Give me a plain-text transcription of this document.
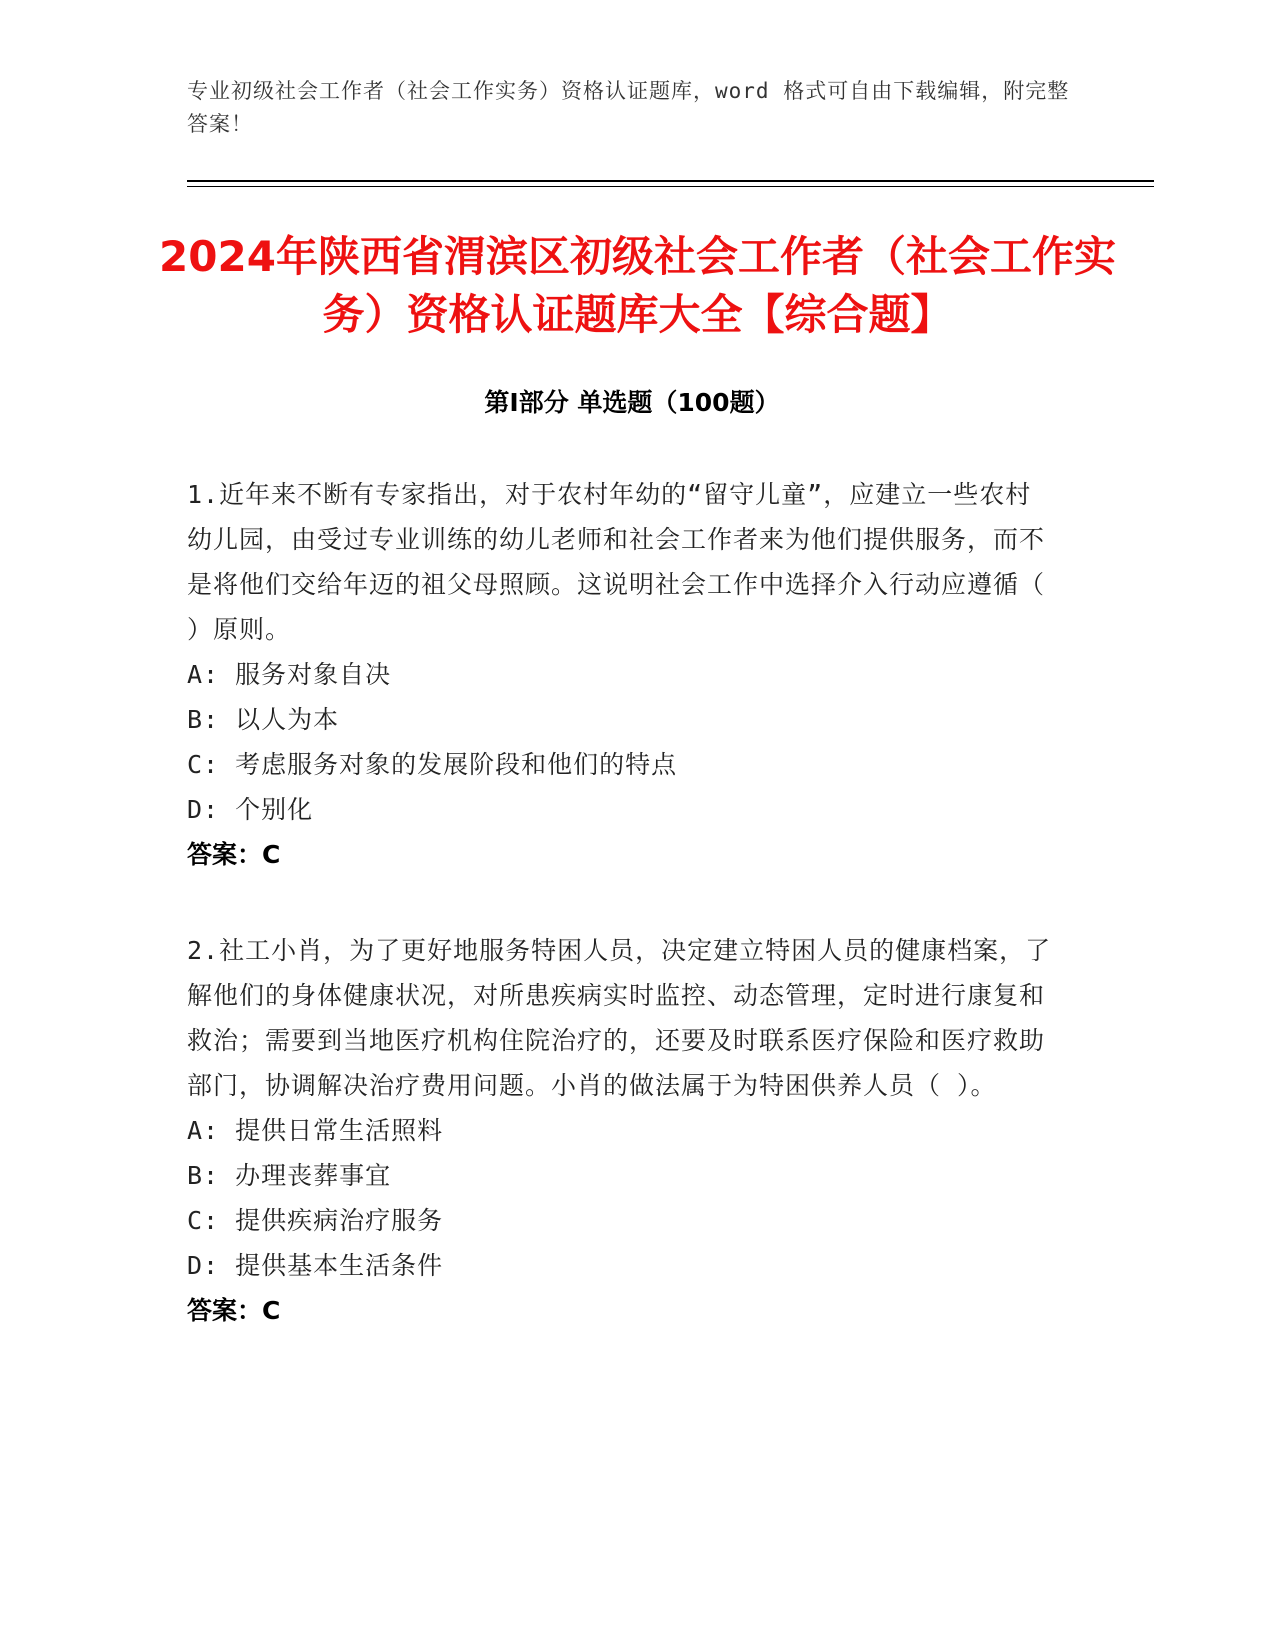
专业初级社会工作者（社会工作实务）资格认证题库，word 格式可自由下载编辑，附完整答案！
2024年陕西省渭滨区初级社会工作者（社会工作实务）资格认证题库大全【综合题】
第Ⅰ部分 单选题（100题）
1.近年来不断有专家指出，对于农村年幼的“留守儿童”，应建立一些农村幼儿园，由受过专业训练的幼儿老师和社会工作者来为他们提供服务，而不是将他们交给年迈的祖父母照顾。这说明社会工作中选择介入行动应遵循（ ）原则。
A: 服务对象自决
B: 以人为本
C: 考虑服务对象的发展阶段和他们的特点
D: 个别化
答案：C
2.社工小肖，为了更好地服务特困人员，决定建立特困人员的健康档案，了解他们的身体健康状况，对所患疾病实时监控、动态管理，定时进行康复和救治；需要到当地医疗机构住院治疗的，还要及时联系医疗保险和医疗救助部门，协调解决治疗费用问题。小肖的做法属于为特困供养人员（ ）。
A: 提供日常生活照料
B: 办理丧葬事宜
C: 提供疾病治疗服务
D: 提供基本生活条件
答案：C
